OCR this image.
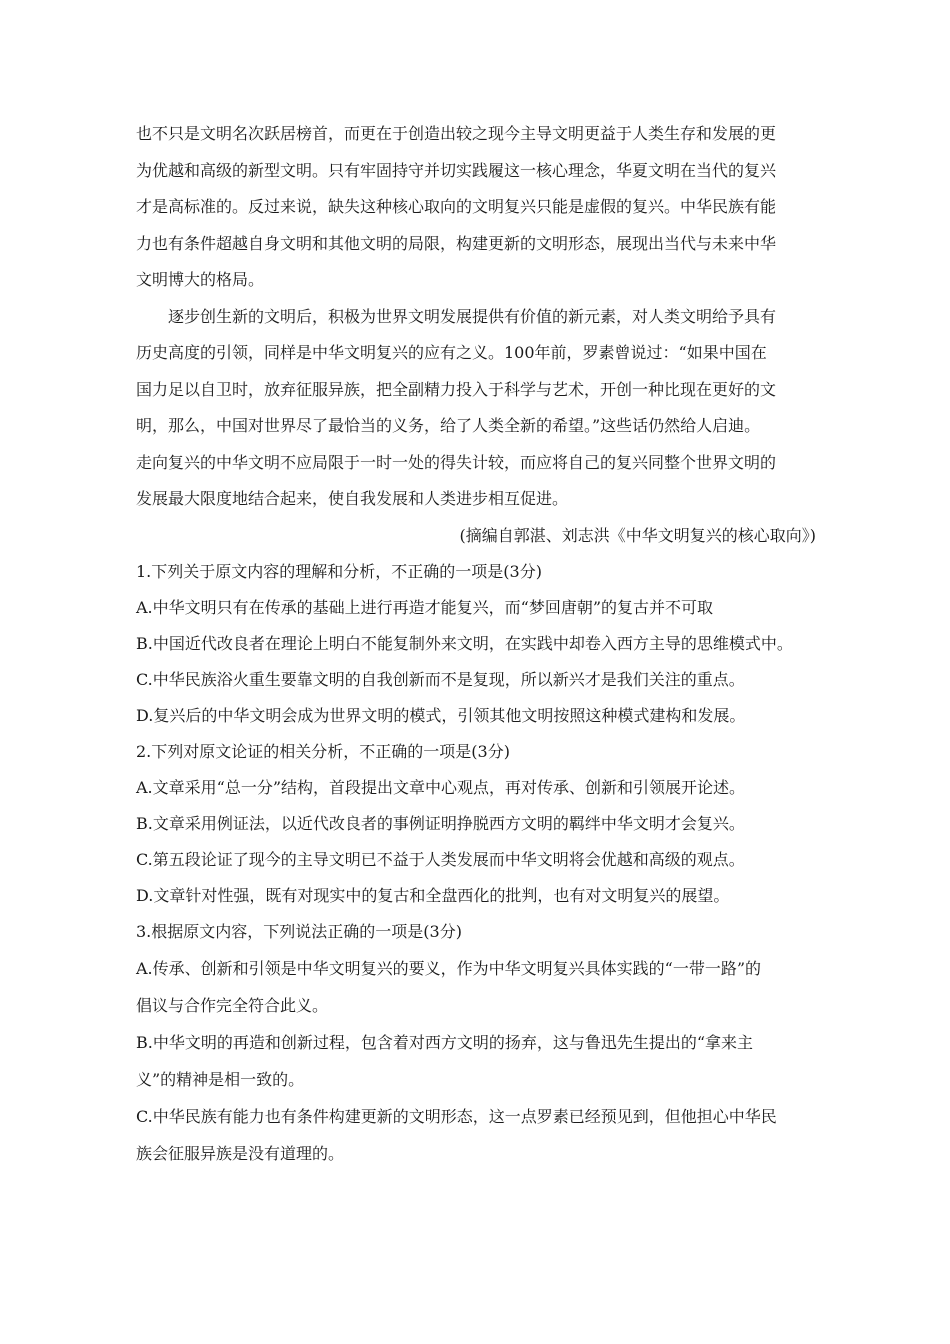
也不只是文明名次跃居榜首，而更在于创造出较之现今主导文明更益于人类生存和发展的更
为优越和高级的新型文明。只有牢固持守并切实践履这一核心理念，华夏文明在当代的复兴
才是高标准的。反过来说，缺失这种核心取向的文明复兴只能是虚假的复兴。中华民族有能
力也有条件超越自身文明和其他文明的局限，构建更新的文明形态，展现出当代与未来中华
文明博大的格局。
逐步创生新的文明后，积极为世界文明发展提供有价值的新元素，对人类文明给予具有
历史高度的引领，同样是中华文明复兴的应有之义。100年前，罗素曾说过：“如果中国在
国力足以自卫时，放弃征服异族，把全副精力投入于科学与艺术，开创一种比现在更好的文
明，那么，中国对世界尽了最恰当的义务，给了人类全新的希望。”这些话仍然给人启迪。
走向复兴的中华文明不应局限于一时一处的得失计较，而应将自己的复兴同整个世界文明的
发展最大限度地结合起来，使自我发展和人类进步相互促进。
(摘编自郭湛、刘志洪《中华文明复兴的核心取向》)
1.下列关于原文内容的理解和分析，不正确的一项是(3分)
A.中华文明只有在传承的基础上进行再造才能复兴，而“梦回唐朝”的复古并不可取
B.中国近代改良者在理论上明白不能复制外来文明，在实践中却卷入西方主导的思维模式中。
C.中华民族浴火重生要靠文明的自我创新而不是复现，所以新兴才是我们关注的重点。
D.复兴后的中华文明会成为世界文明的模式，引领其他文明按照这种模式建构和发展。
2.下列对原文论证的相关分析，不正确的一项是(3分)
A.文章采用“总一分”结构，首段提出文章中心观点，再对传承、创新和引领展开论述。
B.文章采用例证法，以近代改良者的事例证明挣脱西方文明的羁绊中华文明才会复兴。
C.第五段论证了现今的主导文明已不益于人类发展而中华文明将会优越和高级的观点。
D.文章针对性强，既有对现实中的复古和全盘西化的批判，也有对文明复兴的展望。
3.根据原文内容，下列说法正确的一项是(3分)
A.传承、创新和引领是中华文明复兴的要义，作为中华文明复兴具体实践的“一带一路”的
倡议与合作完全符合此义。
B.中华文明的再造和创新过程，包含着对西方文明的扬弃，这与鲁迅先生提出的“拿来主
义”的精神是相一致的。
C.中华民族有能力也有条件构建更新的文明形态，这一点罗素已经预见到，但他担心中华民
族会征服异族是没有道理的。
